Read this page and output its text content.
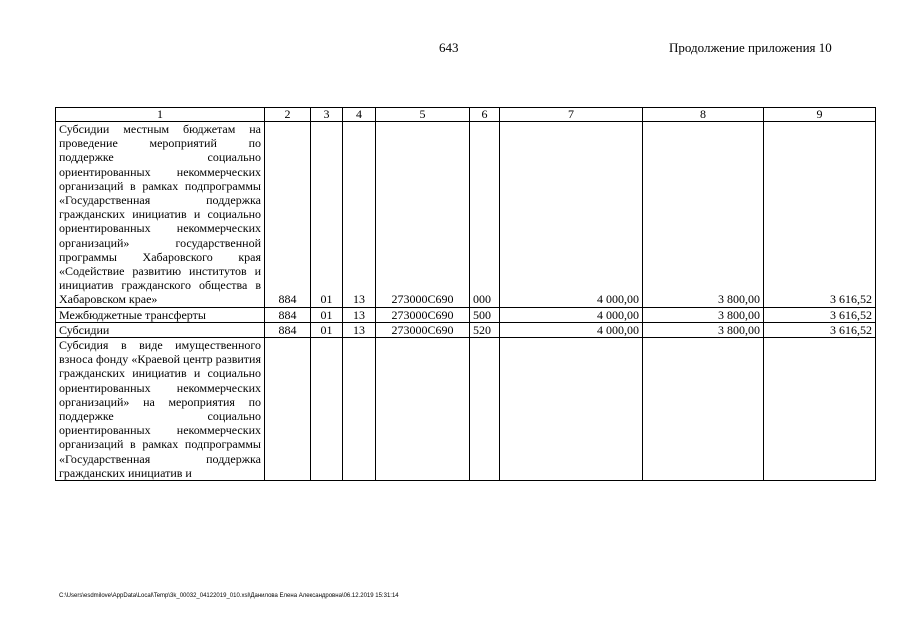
643	Продолжение приложения 10
1	2	3	4	5	6	7	8	9
Субсидии местным бюджетам на проведение мероприятий по поддержке социально ориентированных некоммерческих организаций в рамках подпрограммы «Государственная поддержка гражданских инициатив и социально ориентированных некоммерческих организаций» государственной программы Хабаровского края «Содействие развитию институтов и инициатив гражданского общества в Хабаровском крае»	884	01	13	273000С690	000	4 000,00	3 800,00	3 616,52
Межбюджетные трансферты	884	01	13	273000С690	500	4 000,00	3 800,00	3 616,52
Субсидии	884	01	13	273000С690	520	4 000,00	3 800,00	3 616,52
Субсидия в виде имущественного взноса фонду «Краевой центр развития гражданских инициатив и социально ориентированных некоммерческих организаций» на мероприятия по поддержке социально ориентированных некоммерческих организаций в рамках подпрограммы «Государственная поддержка гражданских инициатив и								
C:\Users\esdmilove\AppData\Local\Temp\3k_00032_04122019_010.xsl\Данилова Елена Александровна\06.12.2019 15:31:14
